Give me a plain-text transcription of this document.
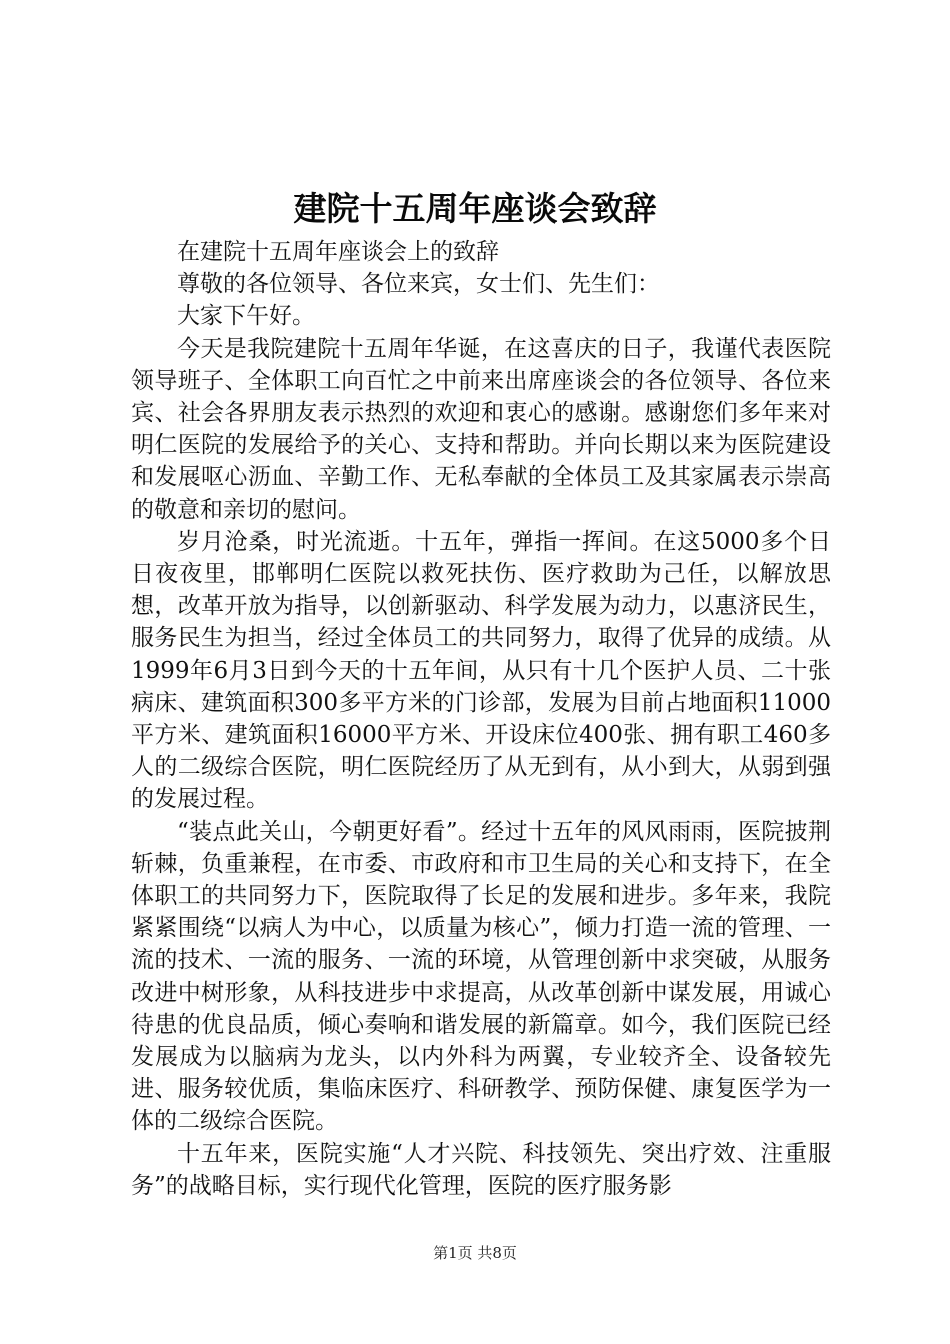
建院十五周年座谈会致辞

在建院十五周年座谈会上的致辞

尊敬的各位领导、各位来宾，女士们、先生们：

大家下午好。

今天是我院建院十五周年华诞，在这喜庆的日子，我谨代表医院领导班子、全体职工向百忙之中前来出席座谈会的各位领导、各位来宾、社会各界朋友表示热烈的欢迎和衷心的感谢。感谢您们多年来对明仁医院的发展给予的关心、支持和帮助。并向长期以来为医院建设和发展呕心沥血、辛勤工作、无私奉献的全体员工及其家属表示崇高的敬意和亲切的慰问。

岁月沧桑，时光流逝。十五年，弹指一挥间。在这5000多个日日夜夜里，邯郸明仁医院以救死扶伤、医疗救助为己任，以解放思想，改革开放为指导，以创新驱动、科学发展为动力，以惠济民生，服务民生为担当，经过全体员工的共同努力，取得了优异的成绩。从1999年6月3日到今天的十五年间，从只有十几个医护人员、二十张病床、建筑面积300多平方米的门诊部，发展为目前占地面积11000平方米、建筑面积16000平方米、开设床位400张、拥有职工460多人的二级综合医院，明仁医院经历了从无到有，从小到大，从弱到强的发展过程。

“装点此关山，今朝更好看”。经过十五年的风风雨雨，医院披荆斩棘，负重兼程，在市委、市政府和市卫生局的关心和支持下，在全体职工的共同努力下，医院取得了长足的发展和进步。多年来，我院紧紧围绕“以病人为中心，以质量为核心”，倾力打造一流的管理、一流的技术、一流的服务、一流的环境，从管理创新中求突破，从服务改进中树形象，从科技进步中求提高，从改革创新中谋发展，用诚心待患的优良品质，倾心奏响和谐发展的新篇章。如今，我们医院已经发展成为以脑病为龙头，以内外科为两翼，专业较齐全、设备较先进、服务较优质，集临床医疗、科研教学、预防保健、康复医学为一体的二级综合医院。

十五年来，医院实施“人才兴院、科技领先、突出疗效、注重服务”的战略目标，实行现代化管理，医院的医疗服务影

第1页 共8页
